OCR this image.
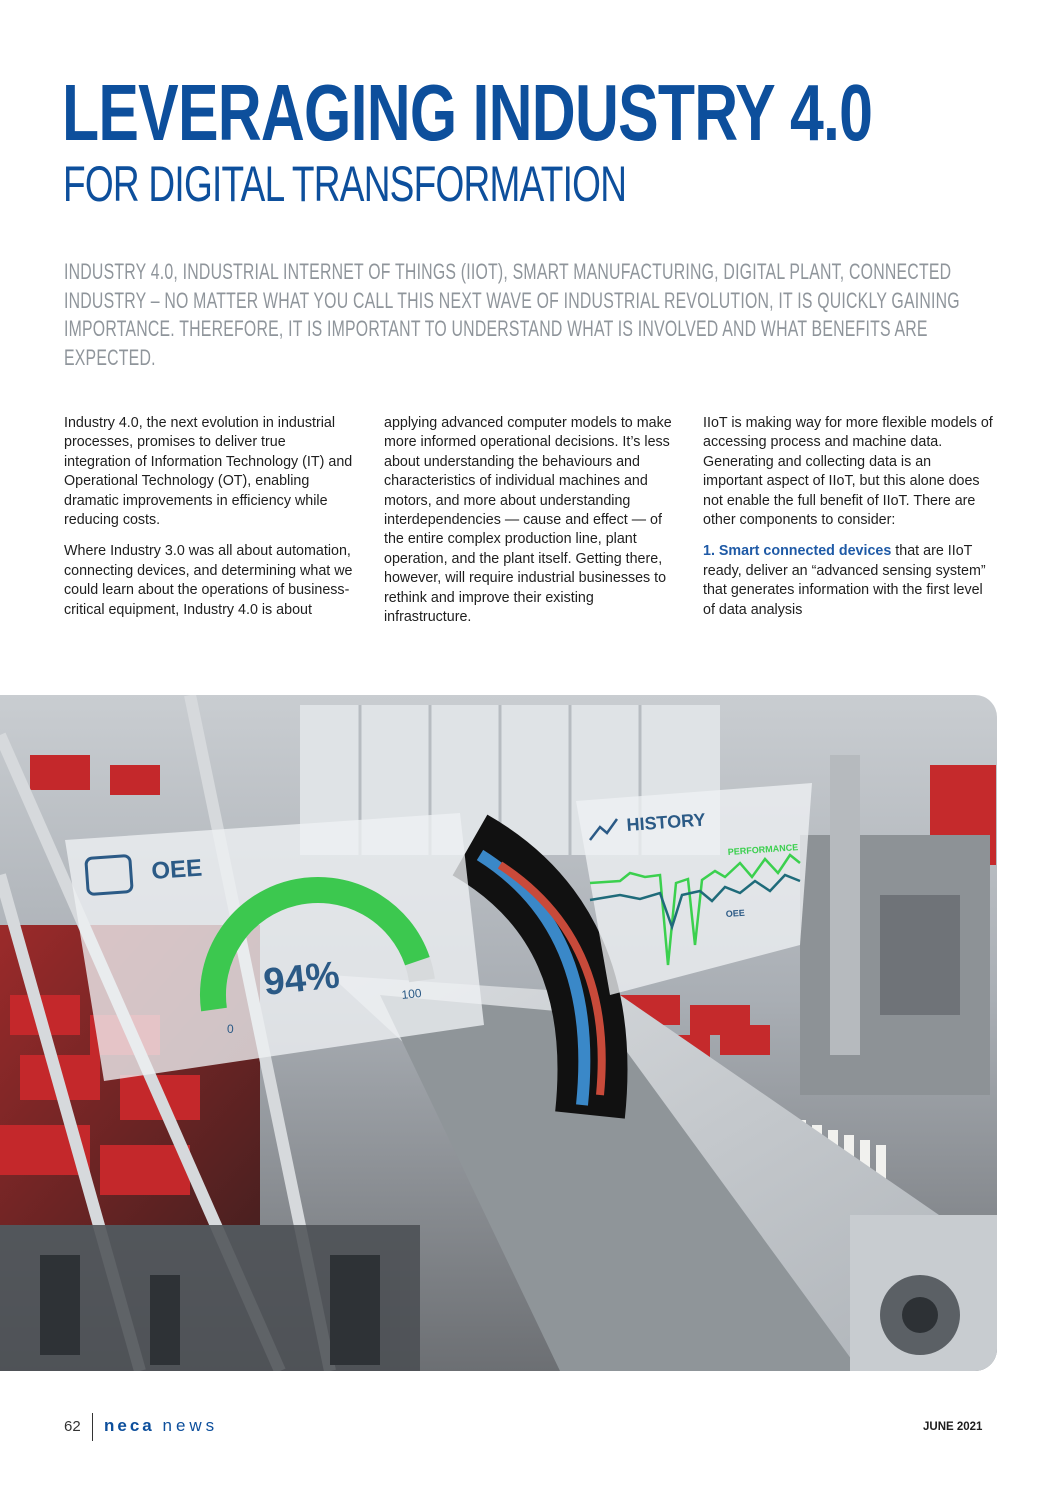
LEVERAGING INDUSTRY 4.0
FOR DIGITAL TRANSFORMATION

INDUSTRY 4.0, INDUSTRIAL INTERNET OF THINGS (IIOT), SMART MANUFACTURING, DIGITAL PLANT, CONNECTED INDUSTRY – NO MATTER WHAT YOU CALL THIS NEXT WAVE OF INDUSTRIAL REVOLUTION, IT IS QUICKLY GAINING IMPORTANCE. THEREFORE, IT IS IMPORTANT TO UNDERSTAND WHAT IS INVOLVED AND WHAT BENEFITS ARE EXPECTED.

Industry 4.0, the next evolution in industrial processes, promises to deliver true integration of Information Technology (IT) and Operational Technology (OT), enabling dramatic improvements in efficiency while reducing costs.

Where Industry 3.0 was all about automation, connecting devices, and determining what we could learn about the operations of business-critical equipment, Industry 4.0 is about

applying advanced computer models to make more informed operational decisions. It’s less about understanding the behaviours and characteristics of individual machines and motors, and more about understanding interdependencies — cause and effect — of the entire complex production line, plant operation, and the plant itself. Getting there, however, will require industrial businesses to rethink and improve their existing infrastructure.

IIoT is making way for more flexible models of accessing process and machine data. Generating and collecting data is an important aspect of IIoT, but this alone does not enable the full benefit of IIoT. There are other components to consider:

1. Smart connected devices that are IIoT ready, deliver an “advanced sensing system” that generates information with the first level of data analysis

OEE
94%
0
100
HISTORY
PERFORMANCE
OEE
62 neca news	JUNE 2021
